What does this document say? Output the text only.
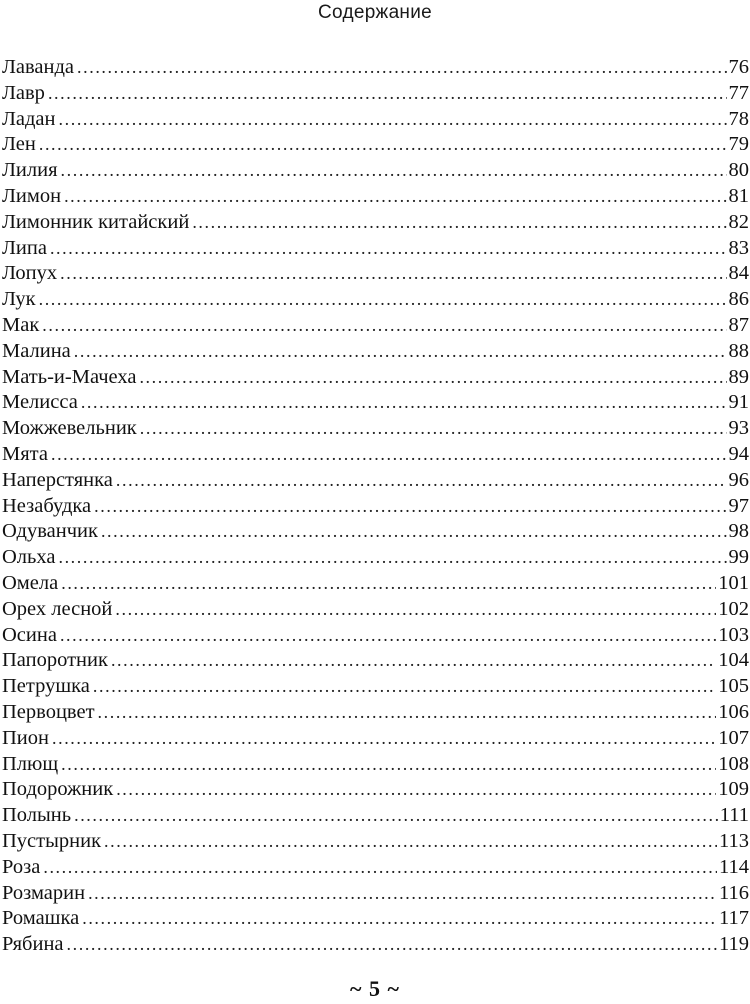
Содержание
Лаванда .....	76
Лавр .....	77
Ладан .....	78
Лен .....	79
Лилия .....	80
Лимон .....	81
Лимонник китайский .....	82
Липа .....	83
Лопух .....	84
Лук .....	86
Мак .....	87
Малина .....	88
Мать-и-Мачеха .....	89
Мелисса .....	91
Можжевельник .....	93
Мята .....	94
Наперстянка .....	96
Незабудка .....	97
Одуванчик .....	98
Ольха .....	99
Омела .....	101
Орех лесной .....	102
Осина .....	103
Папоротник .....	104
Петрушка .....	105
Первоцвет .....	106
Пион .....	107
Плющ .....	108
Подорожник .....	109
Полынь .....	111
Пустырник .....	113
Роза .....	114
Розмарин .....	116
Ромашка .....	117
Рябина .....	119
~ 5 ~
